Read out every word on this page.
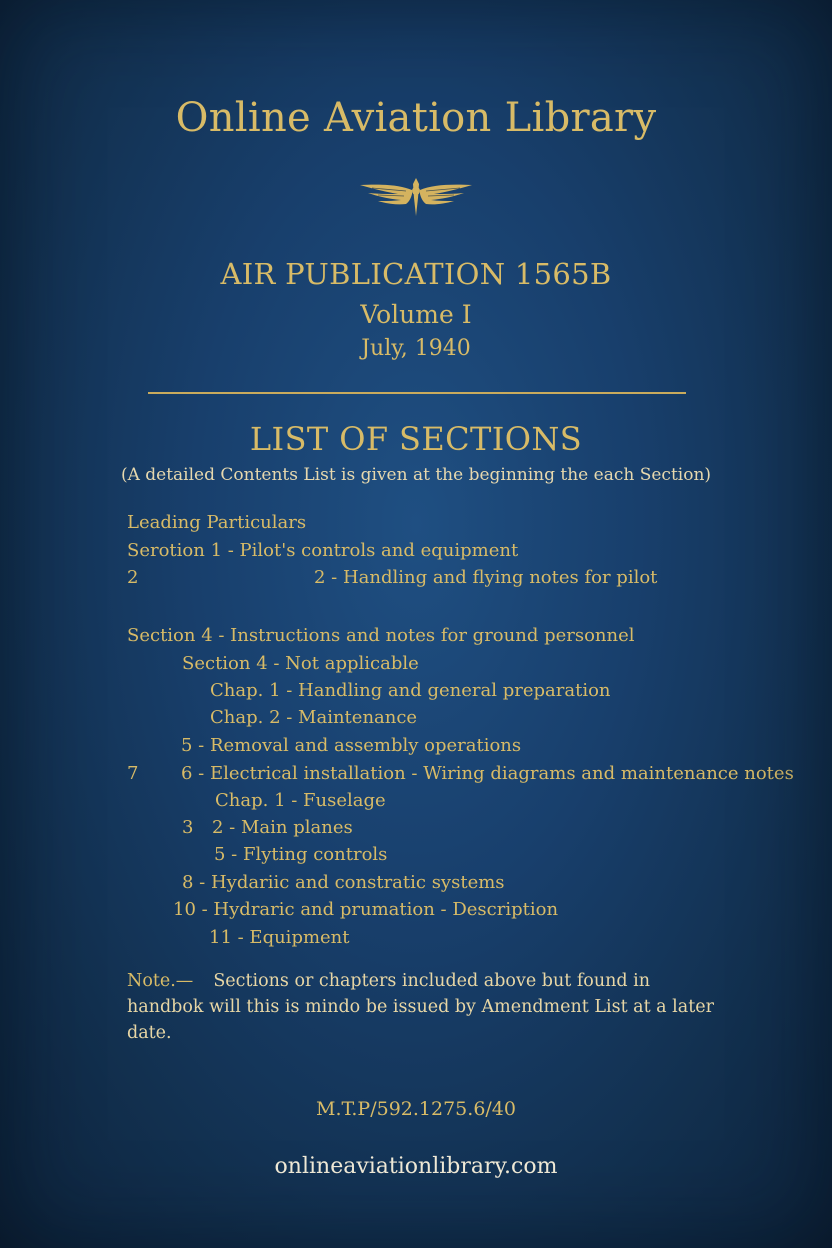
Online Aviation Library
AIR PUBLICATION 1565B
Volume I
July, 1940
LIST OF SECTIONS
(A detailed Contents List is given at the beginning the each Section)
Leading Particulars
Serotion 1 - Pilot's controls and equipment
2	2 - Handling and flying notes for pilot
Section 4 - Instructions and notes for ground personnel
Section 4 - Not applicable
Chap. 1 - Handling and general preparation
Chap. 2 - Maintenance
5 - Removal and assembly operations
7 6 - Electrical installation - Wiring diagrams and maintenance notes
Chap. 1 - Fuselage
3 2 - Main planes
5 - Flyting controls
8 - Hydariic and constratic systems
10 - Hydraric and prumation - Description
11 - Equipment
Note.— Sections or chapters included above but found in handbok will this is mindo be issued by Amendment List at a later date.
M.T.P/592.1275.6/40
onlineaviationlibrary.com
